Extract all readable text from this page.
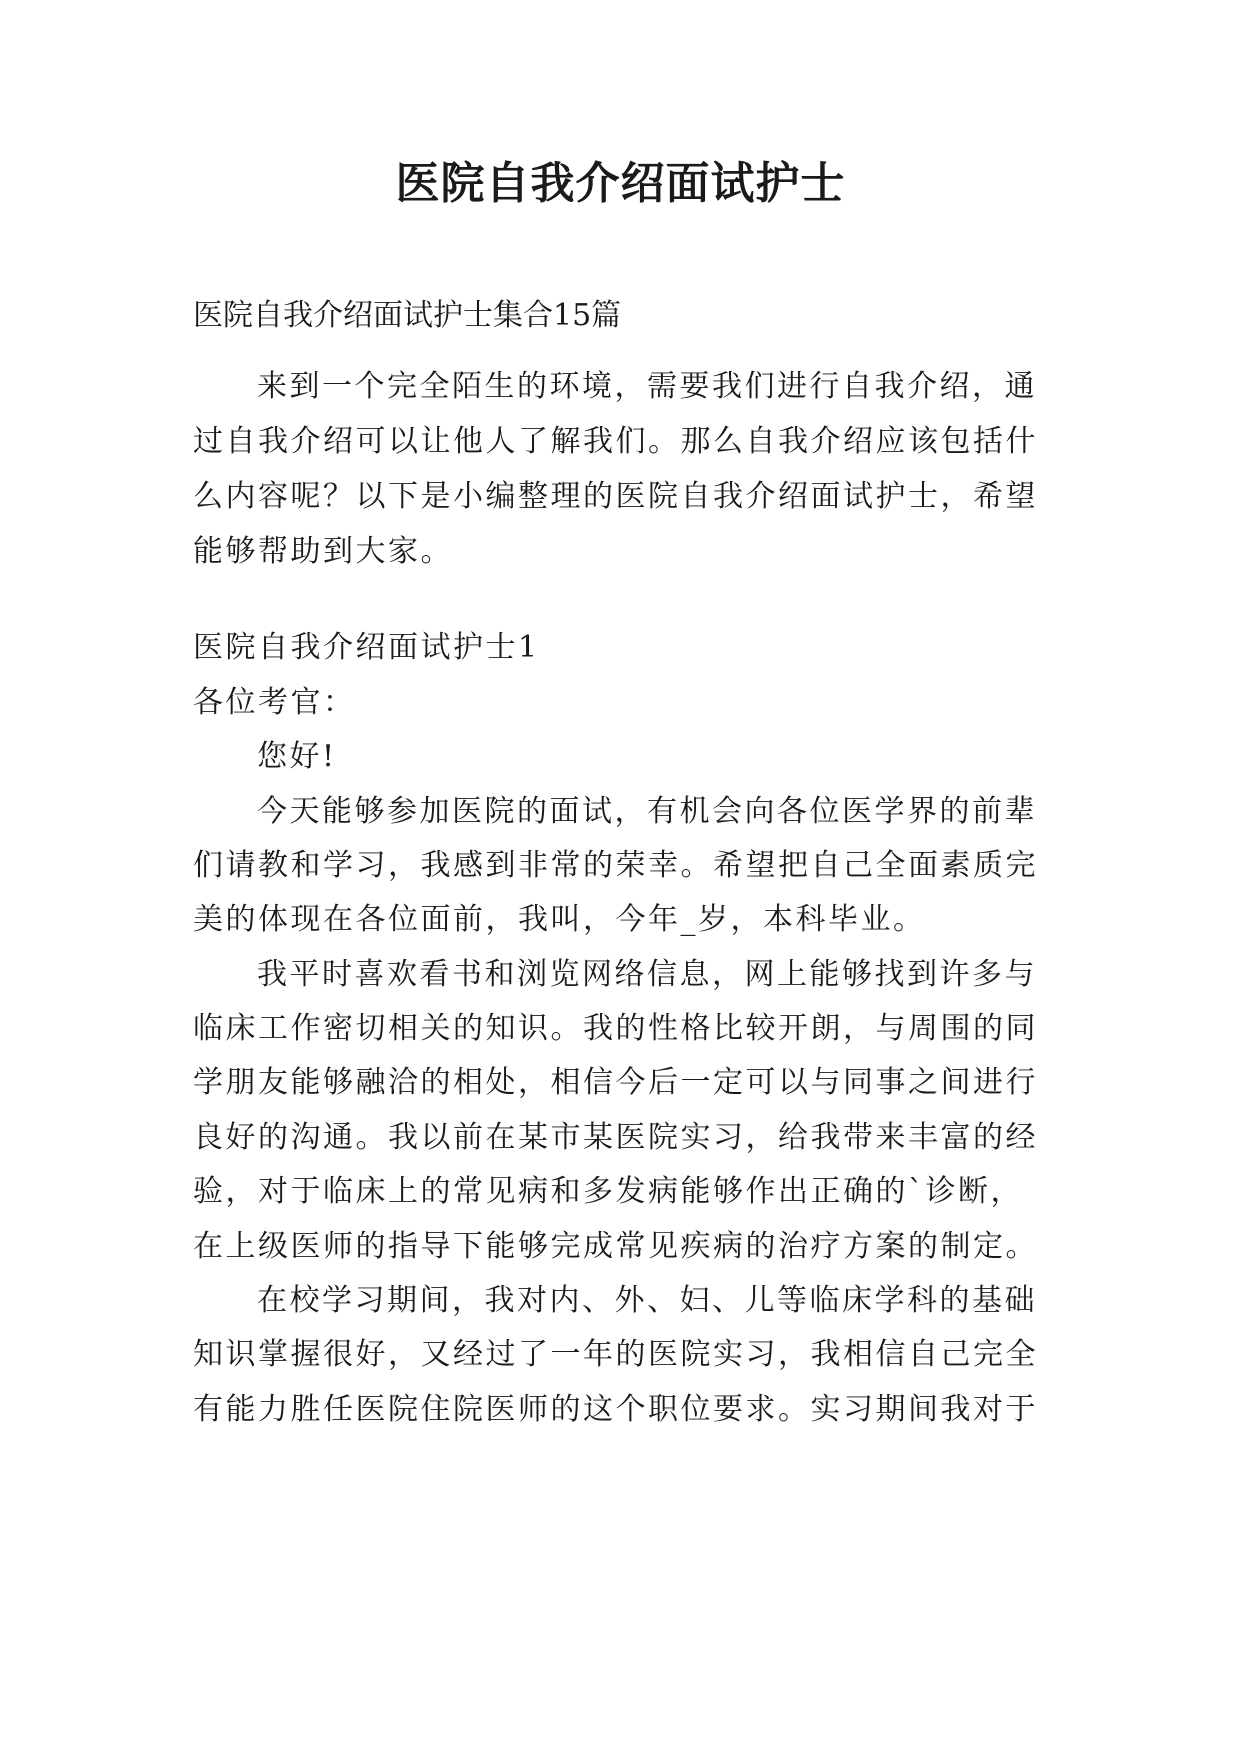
医院自我介绍面试护士
医院自我介绍面试护士集合15篇
来到一个完全陌生的环境，需要我们进行自我介绍，通
过自我介绍可以让他人了解我们。那么自我介绍应该包括什
么内容呢？以下是小编整理的医院自我介绍面试护士，希望
能够帮助到大家。
医院自我介绍面试护士1
各位考官：
您好!
今天能够参加医院的面试，有机会向各位医学界的前辈
们请教和学习，我感到非常的荣幸。希望把自己全面素质完
美的体现在各位面前，我叫，今年_岁，本科毕业。
我平时喜欢看书和浏览网络信息，网上能够找到许多与
临床工作密切相关的知识。我的性格比较开朗，与周围的同
学朋友能够融洽的相处，相信今后一定可以与同事之间进行
良好的沟通。我以前在某市某医院实习，给我带来丰富的经
验，对于临床上的常见病和多发病能够作出正确的`诊断，
在上级医师的指导下能够完成常见疾病的治疗方案的制定。
在校学习期间，我对内、外、妇、儿等临床学科的基础
知识掌握很好，又经过了一年的医院实习，我相信自己完全
有能力胜任医院住院医师的这个职位要求。实习期间我对于
